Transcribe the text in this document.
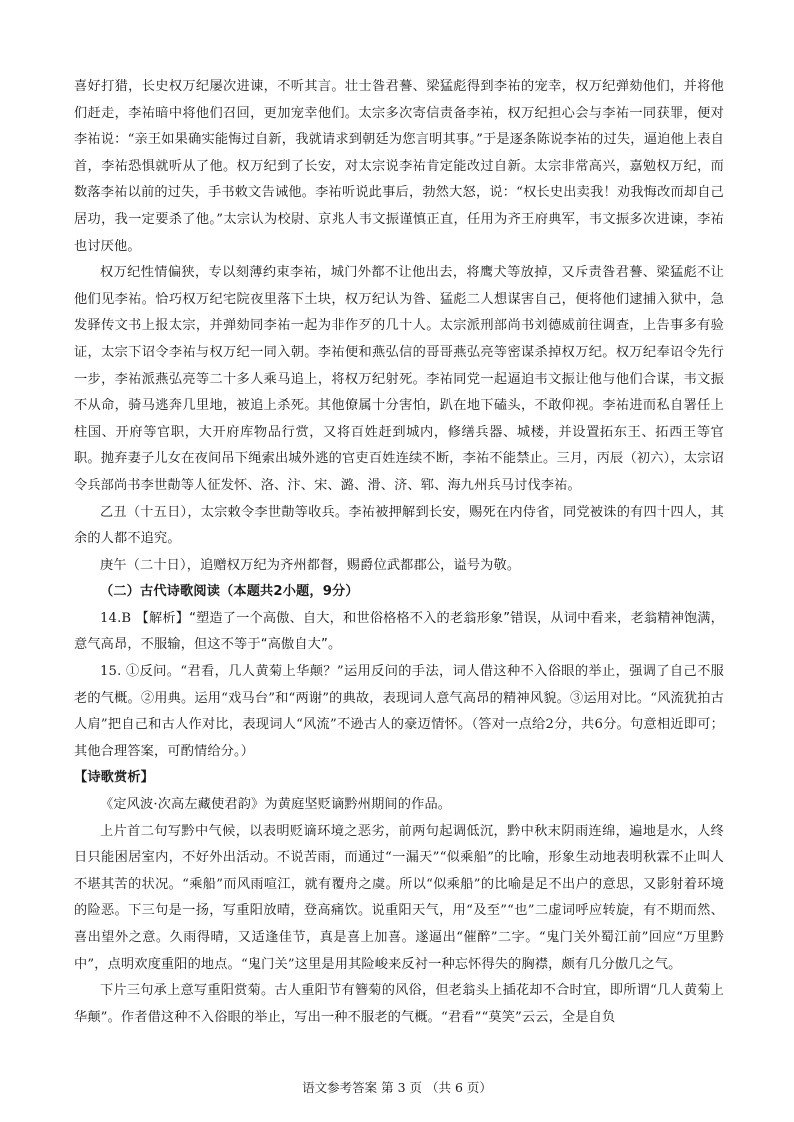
喜好打猎，长史权万纪屡次进谏，不听其言。壮士昝君謩、梁猛彪得到李祐的宠幸，权万纪弹劾他们，并将他们赶走，李祐暗中将他们召回，更加宠幸他们。太宗多次寄信责备李祐，权万纪担心会与李祐一同获罪，便对李祐说：“亲王如果确实能悔过自新，我就请求到朝廷为您言明其事。”于是逐条陈说李祐的过失，逼迫他上表自首，李祐恐惧就听从了他。权万纪到了长安，对太宗说李祐肯定能改过自新。太宗非常高兴，嘉勉权万纪，而数落李祐以前的过失，手书敕文告诫他。李祐听说此事后，勃然大怒，说：“权长史出卖我！劝我悔改而却自己居功，我一定要杀了他。”太宗认为校尉、京兆人韦文振谨慎正直，任用为齐王府典军，韦文振多次进谏，李祐也讨厌他。

权万纪性情偏狭，专以刻薄约束李祐，城门外都不让他出去，将鹰犬等放掉，又斥责昝君謩、梁猛彪不让他们见李祐。恰巧权万纪宅院夜里落下土块，权万纪认为昝、猛彪二人想谋害自己，便将他们逮捕入狱中，急发驿传文书上报太宗，并弹劾同李祐一起为非作歹的几十人。太宗派刑部尚书刘德威前往调查，上告事多有验证，太宗下诏令李祐与权万纪一同入朝。李祐便和燕弘信的哥哥燕弘亮等密谋杀掉权万纪。权万纪奉诏令先行一步，李祐派燕弘亮等二十多人乘马追上，将权万纪射死。李祐同党一起逼迫韦文振让他与他们合谋，韦文振不从命，骑马逃奔几里地，被追上杀死。其他僚属十分害怕，趴在地下磕头，不敢仰视。李祐进而私自署任上柱国、开府等官职，大开府库物品行赏，又将百姓赶到城内，修缮兵器、城楼，并设置拓东王、拓西王等官职。抛弃妻子儿女在夜间吊下绳索出城外逃的官吏百姓连续不断，李祐不能禁止。三月，丙辰（初六），太宗诏令兵部尚书李世勣等人征发怀、洛、汴、宋、潞、滑、济、郓、海九州兵马讨伐李祐。

乙丑（十五日），太宗敕令李世勣等收兵。李祐被押解到长安，赐死在内侍省，同党被诛的有四十四人，其余的人都不追究。

庚午（二十日），追赠权万纪为齐州都督，赐爵位武都郡公，谥号为敬。

（二）古代诗歌阅读（本题共2小题，9分）

14.B 【解析】“塑造了一个高傲、自大，和世俗格格不入的老翁形象”错误，从词中看来，老翁精神饱满，意气高昂，不服输，但这不等于“高傲自大”。

15. ①反问。“君看，几人黄菊上华颠？”运用反问的手法，词人借这种不入俗眼的举止，强调了自己不服老的气概。②用典。运用“戏马台”和“两谢”的典故，表现词人意气高昂的精神风貌。③运用对比。“风流犹拍古人肩”把自己和古人作对比，表现词人“风流”不逊古人的豪迈情怀。（答对一点给2分，共6分。句意相近即可；其他合理答案，可酌情给分。）

【诗歌赏析】

《定风波·次高左藏使君韵》为黄庭坚贬谪黔州期间的作品。

上片首二句写黔中气候，以表明贬谪环境之恶劣，前两句起调低沉，黔中秋末阴雨连绵，遍地是水，人终日只能困居室内，不好外出活动。不说苦雨，而通过“一漏天”“似乘船”的比喻，形象生动地表明秋霖不止叫人不堪其苦的状况。“乘船”而风雨喧江，就有覆舟之虞。所以“似乘船”的比喻是足不出户的意思，又影射着环境的险恶。下三句是一扬，写重阳放晴，登高痛饮。说重阳天气，用“及至”“也”二虚词呼应转旋，有不期而然、喜出望外之意。久雨得晴，又适逢佳节，真是喜上加喜。遂逼出“催醉”二字。“鬼门关外蜀江前”回应“万里黔中”，点明欢度重阳的地点。“鬼门关”这里是用其险峻来反衬一种忘怀得失的胸襟，颇有几分傲几之气。

下片三句承上意写重阳赏菊。古人重阳节有簪菊的风俗，但老翁头上插花却不合时宜，即所谓“几人黄菊上华颠”。作者借这种不入俗眼的举止，写出一种不服老的气概。“君看”“莫笑”云云，全是自负

语文参考答案 第 3 页 （共 6 页）
